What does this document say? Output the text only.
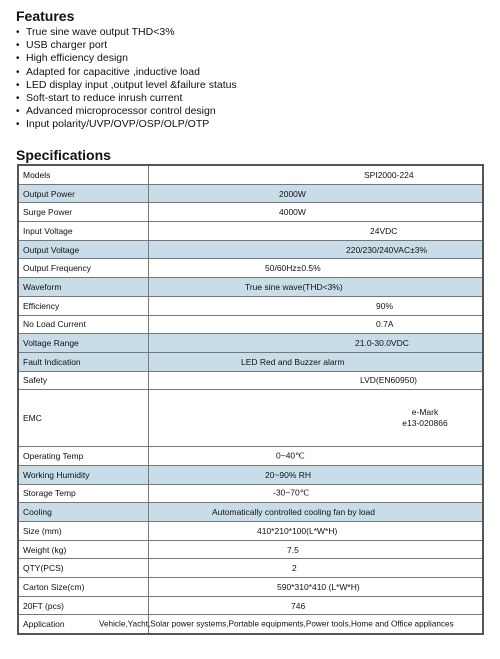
Features
• True sine wave output THD<3%
• USB charger port
• High efficiency design
• Adapted for capacitive ,inductive load
• LED display input ,output level &failure status
• Soft-start to reduce inrush current
• Advanced microprocessor control design
• Input polarity/UVP/OVP/OSP/OLP/OTP
Specifications
Models	SPI2000-224

Output Power	2000W

Surge Power	4000W

Input Voltage	24VDC

Output Voltage	220/230/240VAC±3%

Output Frequency	50/60Hz±0.5%

Waveform	True sine wave(THD<3%)

Efficiency	90%

No Load Current	0.7A

Voltage Range	21.0-30.0VDC

Fault Indication	LED Red and Buzzer alarm

Safety	LVD(EN60950)

EMC	e-Mark
e13-020866

Operating Temp	0~40℃

Working Humidity	20~90% RH

Storage Temp	-30~70℃

Cooling	Automatically controlled cooling fan by load

Size (mm)	410*210*100(L*W*H)

Weight (kg)	7.5

QTY(PCS)	2

Carton Size(cm)	590*310*410 (L*W*H)

20FT (pcs)	746

Application	Vehicle,Yacht,Solar power systems,Portable equipments,Power tools,Home and Office appliances
